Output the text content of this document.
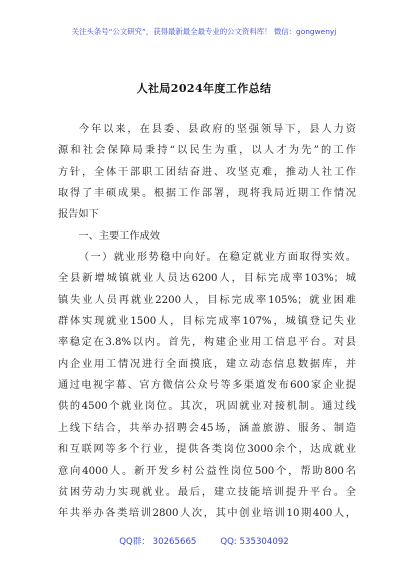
关注头条号“公文研究”，获得最新最全最专业的公文资料库！ 微信：gongwenyj
人社局2024年度工作总结
今年以来，在县委、县政府的坚强领导下，县人力资
源和社会保障局秉持“以民生为重，以人才为先”的工作
方针，全体干部职工团结奋进、攻坚克难，推动人社工作
取得了丰硕成果。根据工作部署，现将我局近期工作情况
报告如下
一、主要工作成效
（一）就业形势稳中向好。在稳定就业方面取得实效。
全县新增城镇就业人员达6200人，目标完成率103%；城
镇失业人员再就业2200人，目标完成率105%；就业困难
群体实现就业1500人，目标完成率107%，城镇登记失业
率稳定在3.8%以内。首先，构建企业用工信息平台。对县
内企业用工情况进行全面摸底，建立动态信息数据库，并
通过电视字幕、官方微信公众号等多渠道发布600家企业提
供的4500个就业岗位。其次，巩固就业对接机制。通过线
上线下结合，共举办招聘会45场，涵盖旅游、服务、制造
和互联网等多个行业，提供各类岗位3000余个，达成就业
意向4000人。新开发乡村公益性岗位500个，帮助800名
贫困劳动力实现就业。最后，建立技能培训提升平台。全
年共举办各类培训2800人次，其中创业培训10期400人，
QQ群： 30265665	QQ: 535304092
